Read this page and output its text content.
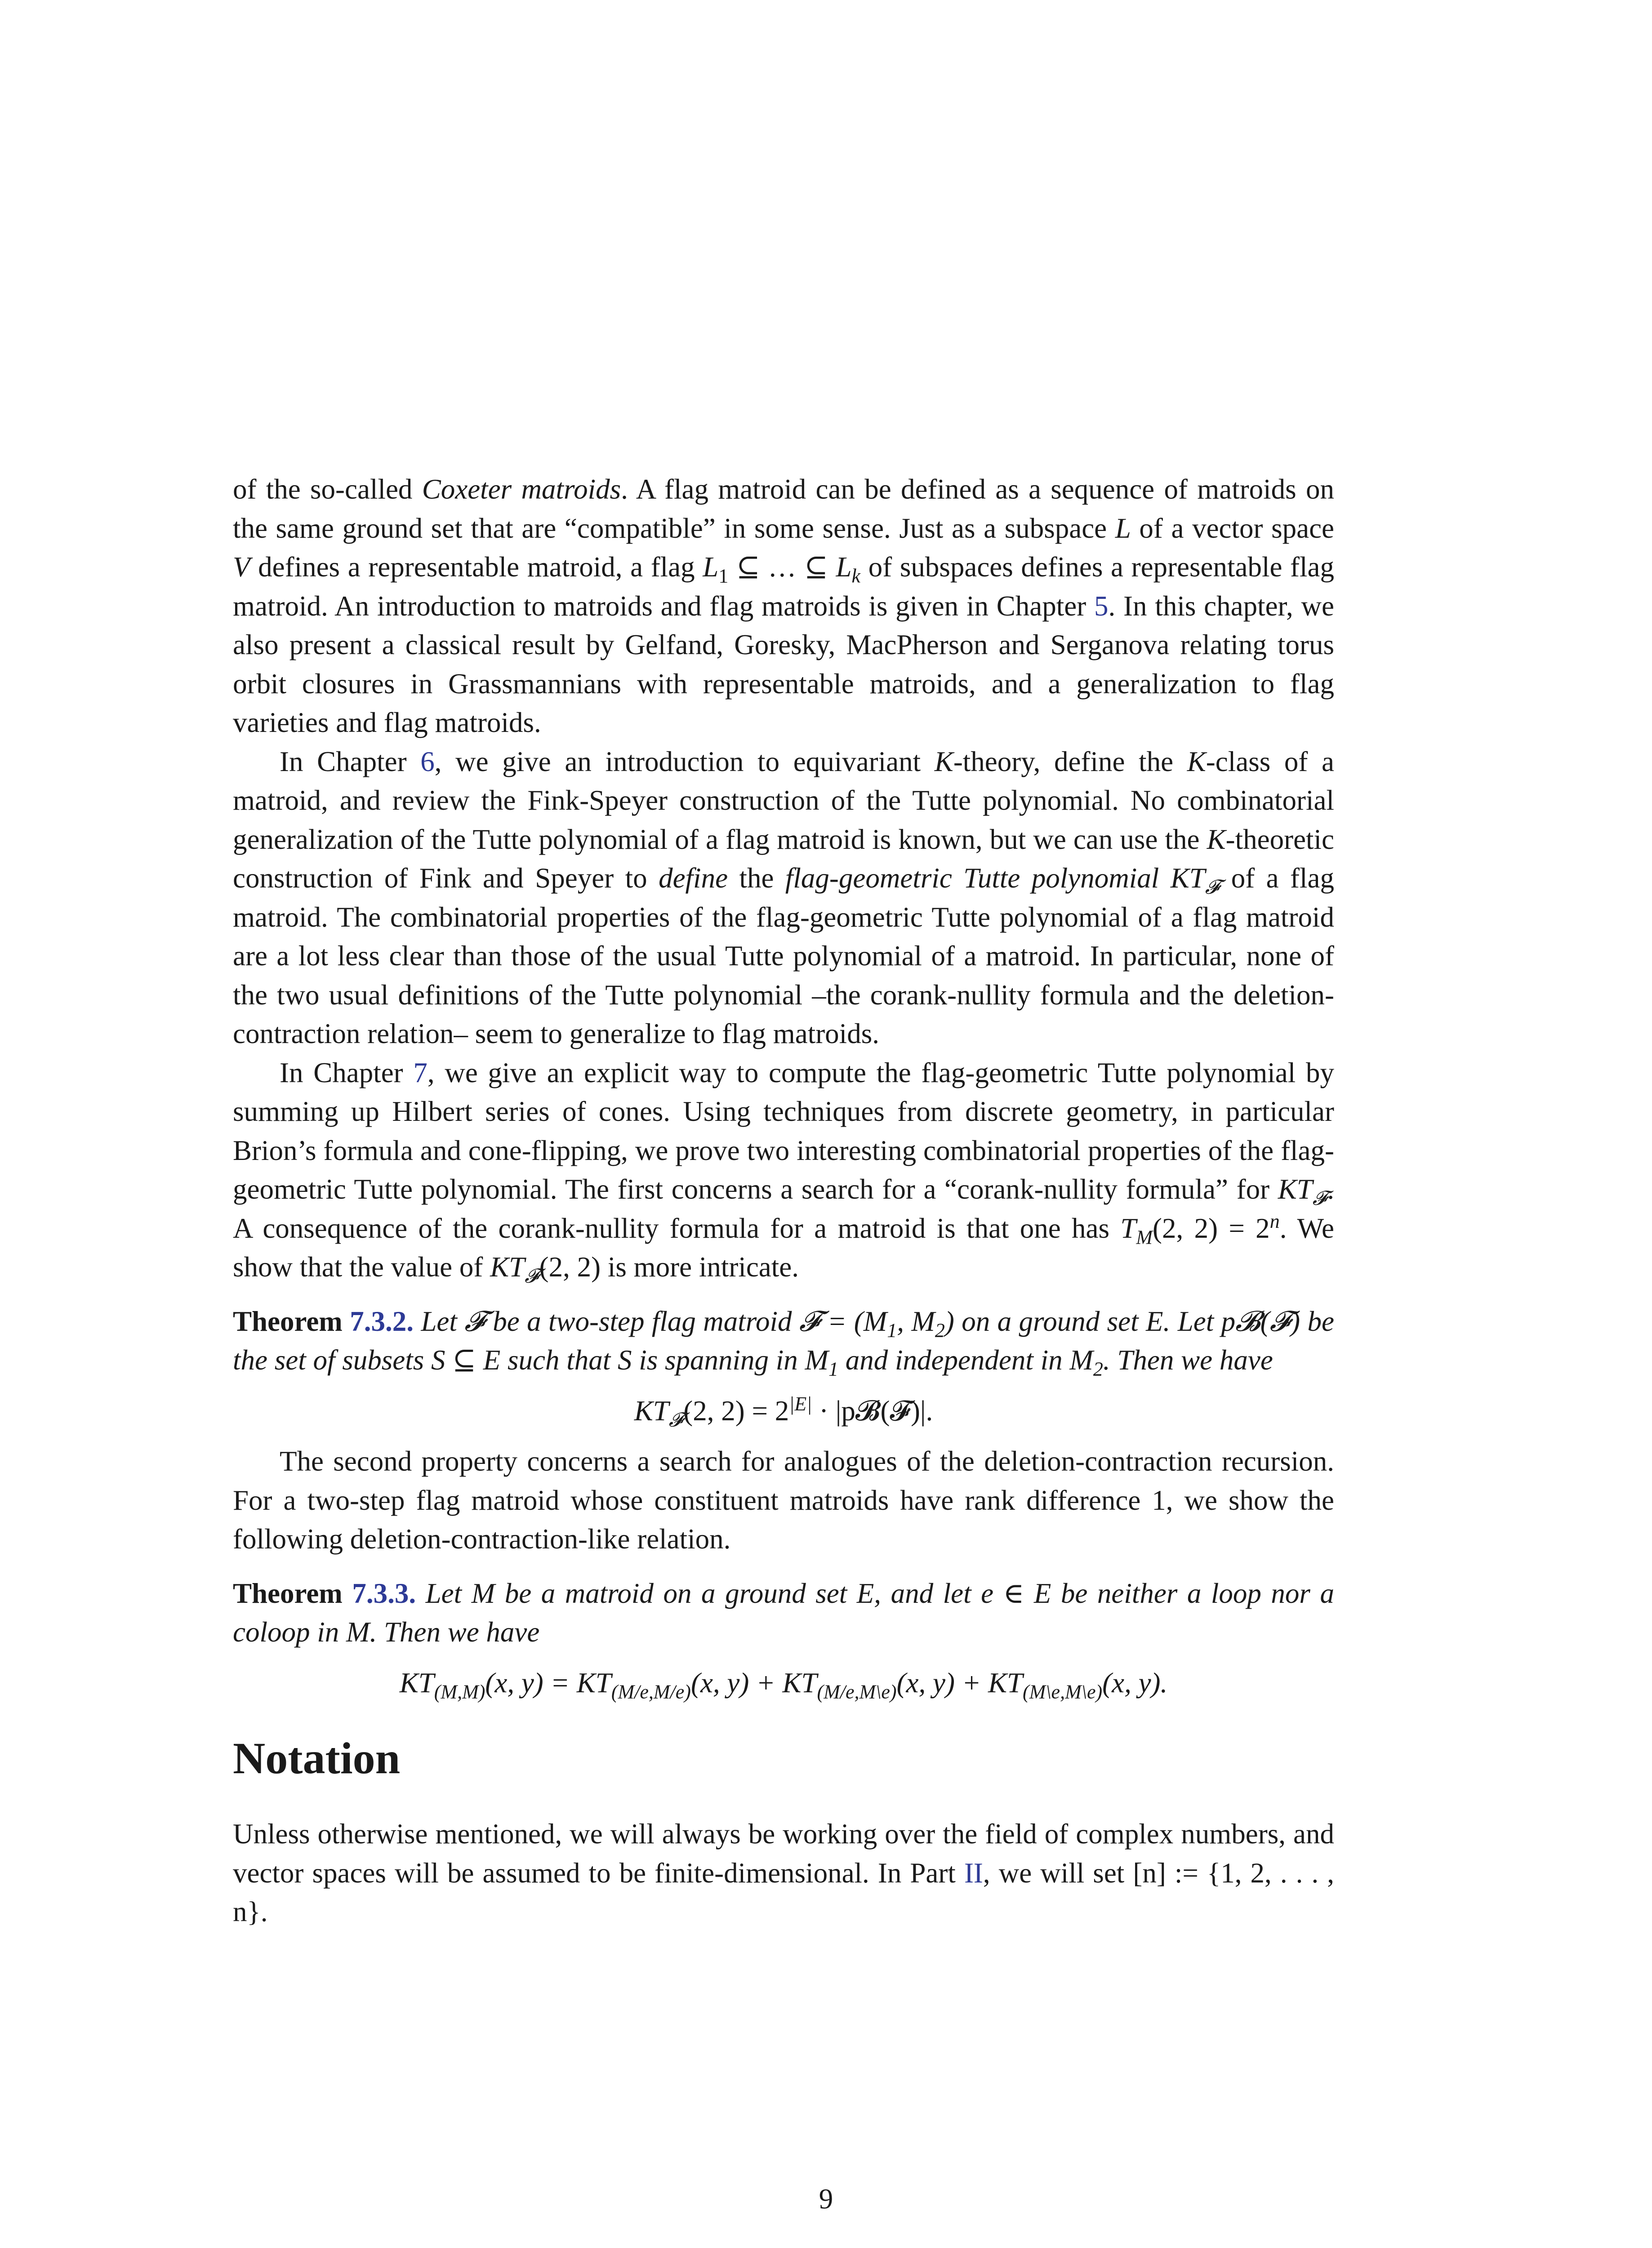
of the so-called Coxeter matroids. A flag matroid can be defined as a sequence of matroids on the same ground set that are “compatible” in some sense. Just as a subspace L of a vector space V defines a representable matroid, a flag $L_1$ ⊆ … ⊆ $L_k$ of subspaces defines a representable flag matroid. An introduction to matroids and flag matroids is given in Chapter 5. In this chapter, we also present a classical result by Gelfand, Goresky, MacPherson and Serganova relating torus orbit closures in Grassmannians with representable matroids, and a generalization to flag varieties and flag matroids.

In Chapter 6, we give an introduction to equivariant K-theory, define the K-class of a matroid, and review the Fink-Speyer construction of the Tutte polynomial. No combinatorial generalization of the Tutte polynomial of a flag matroid is known, but we can use the K-theoretic construction of Fink and Speyer to define the flag-geometric Tutte polynomial $KT_𝓕$ of a flag matroid. The combinatorial properties of the flag-geometric Tutte polynomial of a flag matroid are a lot less clear than those of the usual Tutte polynomial of a matroid. In particular, none of the two usual definitions of the Tutte polynomial –the corank-nullity formula and the deletion-contraction relation– seem to generalize to flag matroids.

In Chapter 7, we give an explicit way to compute the flag-geometric Tutte polynomial by summing up Hilbert series of cones. Using techniques from discrete geometry, in particular Brion’s formula and cone-flipping, we prove two interesting combinatorial properties of the flag-geometric Tutte polynomial. The first concerns a search for a “corank-nullity formula” for $KT_𝓕$. A consequence of the corank-nullity formula for a matroid is that one has $T_M(2$, $2) = 2^n$. We show that the value of $KT_𝓕(2$, 2) is more intricate.

Theorem 7.3.2. Let 𝓕 be a two-step flag matroid 𝓕 = ($M_1$, $M_2$) on a ground set E. Let p𝓑(𝓕) be the set of subsets S ⊆ E such that S is spanning in $M_1$ and independent in $M_2$. Then we have

$KT_𝓕(2$, $2) = 2^{|E|}$ · |p𝓑(𝓕)|.

The second property concerns a search for analogues of the deletion-contraction recursion. For a two-step flag matroid whose constituent matroids have rank difference 1, we show the following deletion-contraction-like relation.

Theorem 7.3.3. Let M be a matroid on a ground set E, and let e ∈ E be neither a loop nor a coloop in M. Then we have

$KT_{(M,M)}(x$, $y) = KT_{(M/e,M/e)}(x$, $y) + KT_{(M/e,M\backslash e)}(x$, $y) + KT_{(M\backslash e,M\backslash e)}(x$, y).
Notation

Unless otherwise mentioned, we will always be working over the field of complex numbers, and vector spaces will be assumed to be finite-dimensional. In Part II, we will set [n] := {1, 2, . . . , n}.

9
